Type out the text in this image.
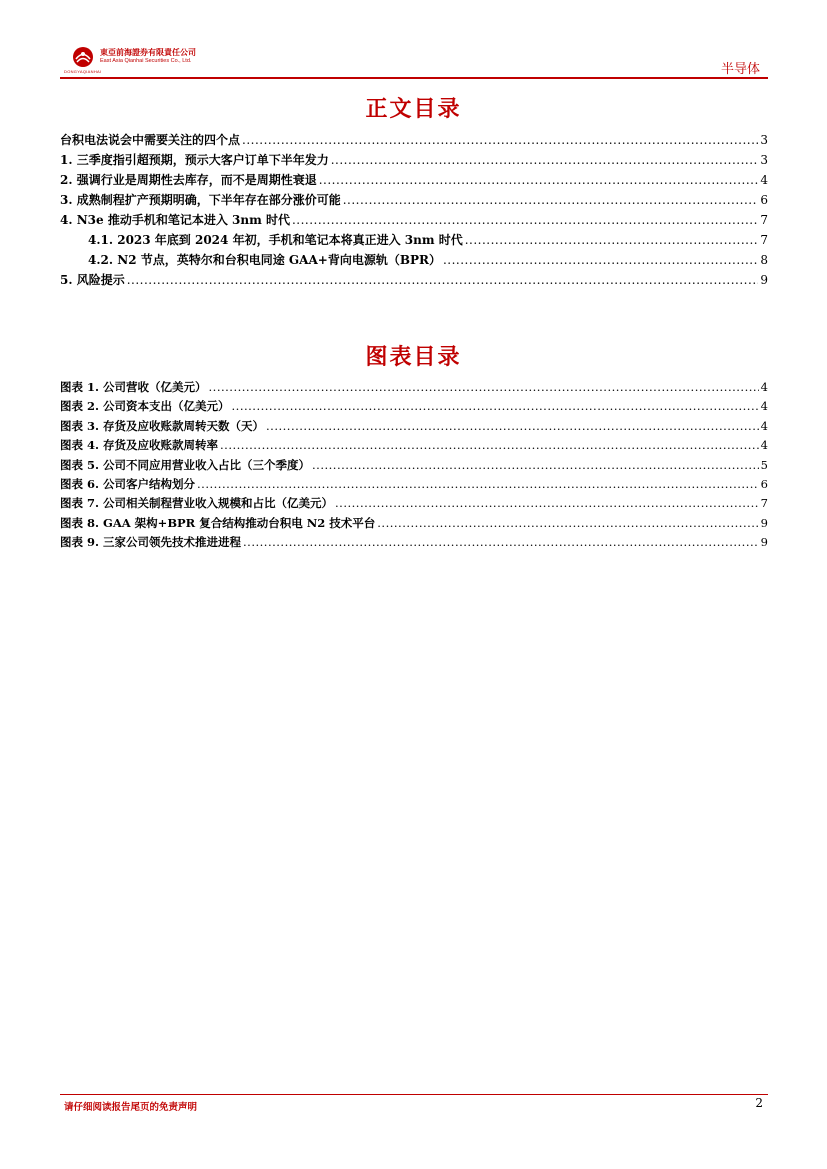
東亞前海證券有限責任公司
East Asia Qianhai Securities Co., Ltd.
DONGYAQIANHAI	半导体
正文目录
台积电法说会中需要关注的四个点 .....	3
1. 三季度指引超预期，预示大客户订单下半年发力 .....	3
2. 强调行业是周期性去库存，而不是周期性衰退 .....	4
3. 成熟制程扩产预期明确，下半年存在部分涨价可能 .....	6
4. N3e 推动手机和笔记本进入 3nm 时代 .....	7
4.1. 2023 年底到 2024 年初，手机和笔记本将真正进入 3nm 时代 .....	7
4.2. N2 节点，英特尔和台积电同途 GAA+背向电源轨（BPR） .....	8
5. 风险提示 .....	9
图表目录
图表 1. 公司营收（亿美元） .....	4
图表 2. 公司资本支出（亿美元） .....	4
图表 3. 存货及应收账款周转天数（天） .....	4
图表 4. 存货及应收账款周转率 .....	4
图表 5. 公司不同应用营业收入占比（三个季度） .....	5
图表 6. 公司客户结构划分 .....	6
图表 7. 公司相关制程营业收入规模和占比（亿美元） .....	7
图表 8. GAA 架构+BPR 复合结构推动台积电 N2 技术平台 .....	9
图表 9. 三家公司领先技术推进进程 .....	9
请仔细阅读报告尾页的免责声明	2
